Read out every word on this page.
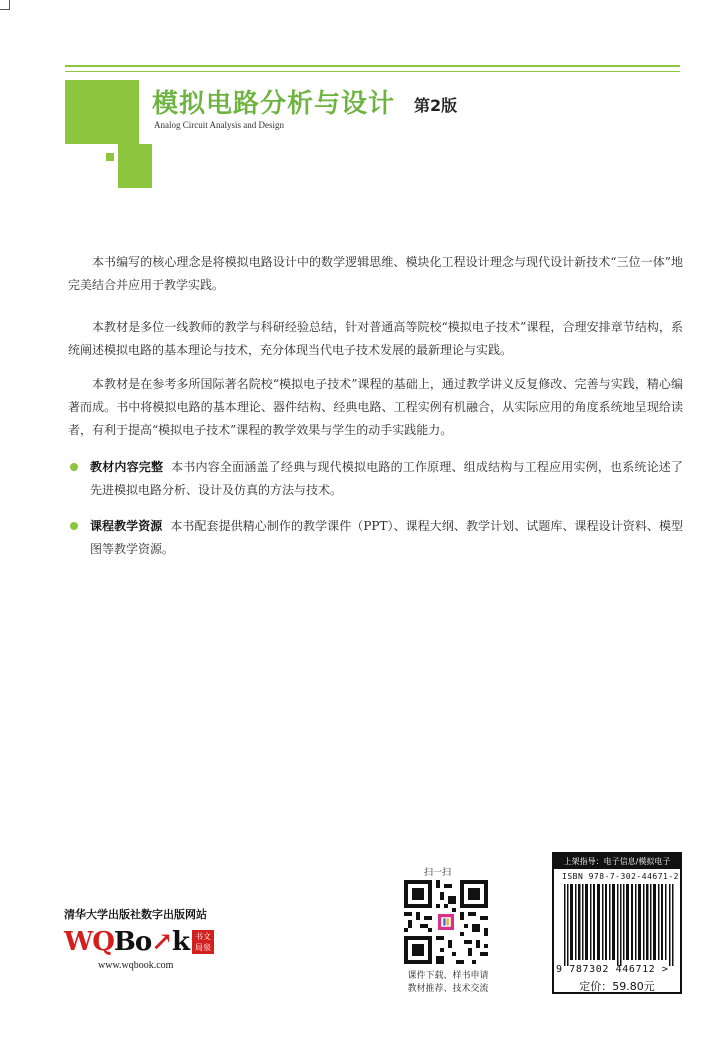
模拟电路分析与设计 第2版
Analog Circuit Analysis and Design
本书编写的核心理念是将模拟电路设计中的数学逻辑思维、模块化工程设计理念与现代设计新技术“三位一体”地完美结合并应用于教学实践。
本教材是多位一线教师的教学与科研经验总结，针对普通高等院校“模拟电子技术”课程，合理安排章节结构，系统阐述模拟电路的基本理论与技术，充分体现当代电子技术发展的最新理论与实践。
本教材是在参考多所国际著名院校“模拟电子技术”课程的基础上，通过教学讲义反复修改、完善与实践，精心编著而成。书中将模拟电路的基本理论、器件结构、经典电路、工程实例有机融合，从实际应用的角度系统地呈现给读者，有利于提高“模拟电子技术”课程的教学效果与学生的动手实践能力。
教材内容完整 本书内容全面涵盖了经典与现代模拟电路的工作原理、组成结构与工程应用实例，也系统论述了先进模拟电路分析、设计及仿真的方法与技术。
课程教学资源 本书配套提供精心制作的教学课件（PPT）、课程大纲、教学计划、试题库、课程设计资料、模型图等教学资源。
清华大学出版社数字出版网站
WQBo↗k 书文局泉
www.wqbook.com
扫一扫
课件下载、样书申请
教材推荐、技术交流
上架指导：电子信息/模拟电子
ISBN 978-7-302-44671-2
9 787302 446712 >
定价：59.80元
